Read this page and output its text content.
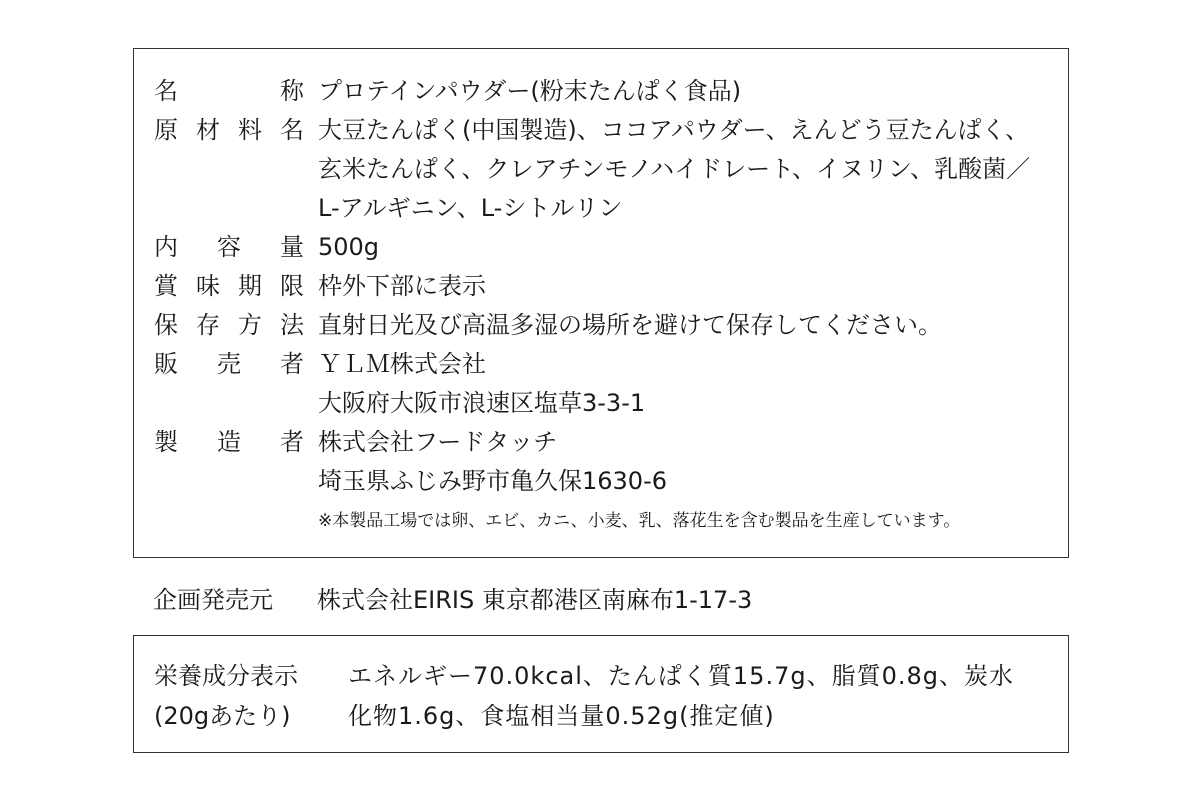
名	称 プロテインパウダー(粉末たんぱく食品)
原 材 料 名 大豆たんぱく(中国製造)、ココアパウダー、えんどう豆たんぱく、
玄米たんぱく、クレアチンモノハイドレート、イヌリン、乳酸菌／
L-アルギニン、L-シトルリン
内 容 量 500g
賞 味 期 限 枠外下部に表示
保 存 方 法 直射日光及び高温多湿の場所を避けて保存してください。
販 売 者 ＹＬＭ株式会社
大阪府大阪市浪速区塩草3-3-1
製 造 者 株式会社フードタッチ
埼玉県ふじみ野市亀久保1630-6
※本製品工場では卵、エビ、カニ、小麦、乳、落花生を含む製品を生産しています。
企画発売元 株式会社EIRIS 東京都港区南麻布1-17-3
栄養成分表示 エネルギー70.0kcal、たんぱく質15.7g、脂質0.8g、炭水
(20gあたり) 化物1.6g、食塩相当量0.52g(推定値)
